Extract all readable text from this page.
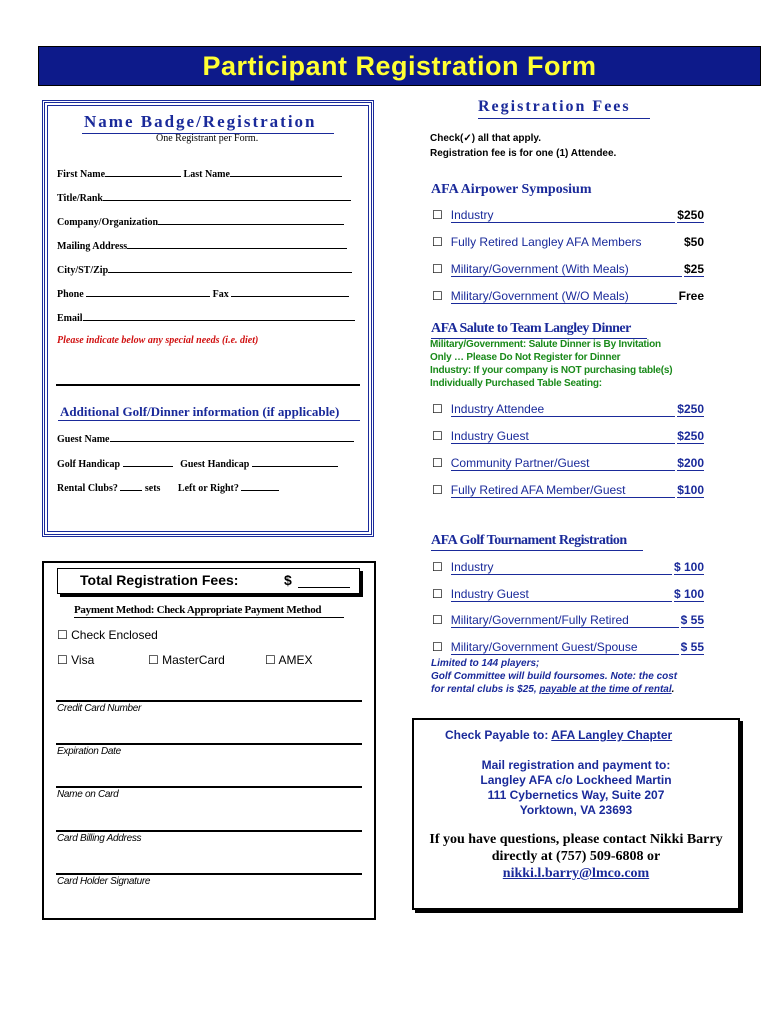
Participant Registration Form
Name Badge/Registration
One Registrant per Form.
First Name	Last Name
Title/Rank
Company/Organization
Mailing Address
City/ST/Zip
Phone	Fax
Email
Please indicate below any special needs (i.e. diet)
Additional Golf/Dinner information (if applicable)
Guest Name
Golf Handicap	Guest Handicap
Rental Clubs?	sets Left or Right?
Total Registration Fees:	$
Payment Method: Check Appropriate Payment Method
☐ Check Enclosed
☐ Visa	☐ MasterCard	☐ AMEX
Credit Card Number
Expiration Date
Name on Card
Card Billing Address
Card Holder Signature
Registration Fees
Check(✓) all that apply.
Registration fee is for one (1) Attendee.
AFA Airpower Symposium
☐ Industry	$250
☐ Fully Retired Langley AFA Members	$50
☐ Military/Government (With Meals)	$25
☐ Military/Government (W/O Meals)	Free
AFA Salute to Team Langley Dinner
Military/Government: Salute Dinner is By Invitation
Only … Please Do Not Register for Dinner
Industry: If your company is NOT purchasing table(s)
Individually Purchased Table Seating:
☐ Industry Attendee	$250
☐ Industry Guest	$250
☐ Community Partner/Guest	$200
☐ Fully Retired AFA Member/Guest	$100
AFA Golf Tournament Registration
☐ Industry	$ 100
☐ Industry Guest	$ 100
☐ Military/Government/Fully Retired	$ 55
☐ Military/Government Guest/Spouse	$ 55
Limited to 144 players;
Golf Committee will build foursomes. Note: the cost
for rental clubs is $25, payable at the time of rental.
Check Payable to: AFA Langley Chapter
Mail registration and payment to:
Langley AFA c/o Lockheed Martin
111 Cybernetics Way, Suite 207
Yorktown, VA 23693
If you have questions, please contact Nikki Barry
directly at (757) 509-6808 or
nikki.l.barry@lmco.com
